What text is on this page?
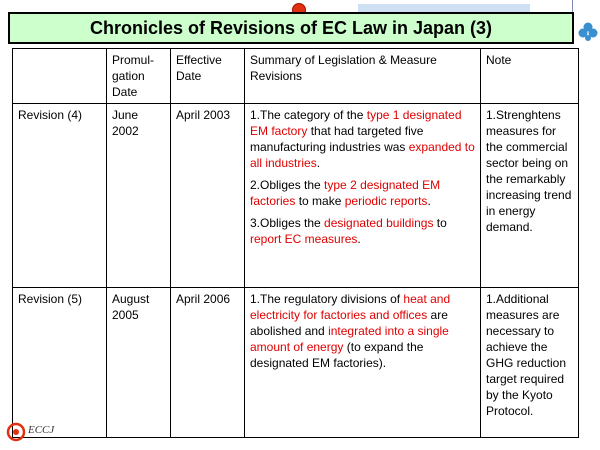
Chronicles of Revisions of EC Law in Japan (3)
	Promul-gation Date	Effective Date	Summary of Legislation & Measure Revisions	Note
Revision (4)	June 2002	April 2003	1.The category of the type 1 designated EM factory that had targeted five manufacturing industries was expanded to all industries.

2.Obliges the type 2 designated EM factories to make periodic reports.

3.Obliges the designated buildings to report EC measures.	1.Strenghtens measures for the commercial sector being on the remarkably increasing trend in energy demand.
Revision (5)	August 2005	April 2006	1.The regulatory divisions of heat and electricity for factories and offices are abolished and integrated into a single amount of energy (to expand the designated EM factories).	1.Additional measures are necessary to achieve the GHG reduction target required by the Kyoto Protocol.
ECCJ
